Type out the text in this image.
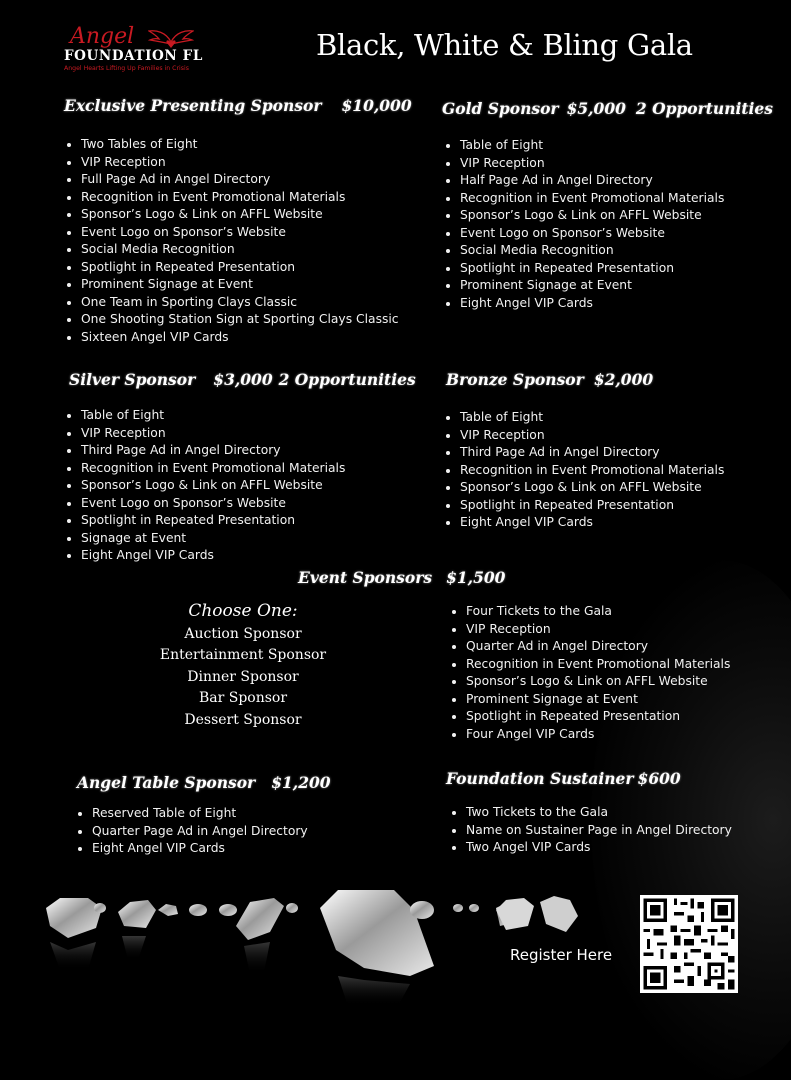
Angel
FOUNDATION FL
Angel Hearts Lifting Up Families in Crisis
Black, White & Bling Gala
Exclusive Presenting Sponsor $10,000
• Two Tables of Eight
• VIP Reception
• Full Page Ad in Angel Directory
• Recognition in Event Promotional Materials
• Sponsor’s Logo & Link on AFFL Website
• Event Logo on Sponsor’s Website
• Social Media Recognition
• Spotlight in Repeated Presentation
• Prominent Signage at Event
• One Team in Sporting Clays Classic
• One Shooting Station Sign at Sporting Clays Classic
• Sixteen Angel VIP Cards
Gold Sponsor $5,000 2 Opportunities
• Table of Eight
• VIP Reception
• Half Page Ad in Angel Directory
• Recognition in Event Promotional Materials
• Sponsor’s Logo & Link on AFFL Website
• Event Logo on Sponsor’s Website
• Social Media Recognition
• Spotlight in Repeated Presentation
• Prominent Signage at Event
• Eight Angel VIP Cards
Silver Sponsor $3,000 2 Opportunities
• Table of Eight
• VIP Reception
• Third Page Ad in Angel Directory
• Recognition in Event Promotional Materials
• Sponsor’s Logo & Link on AFFL Website
• Event Logo on Sponsor’s Website
• Spotlight in Repeated Presentation
• Signage at Event
• Eight Angel VIP Cards
Bronze Sponsor $2,000
• Table of Eight
• VIP Reception
• Third Page Ad in Angel Directory
• Recognition in Event Promotional Materials
• Sponsor’s Logo & Link on AFFL Website
• Spotlight in Repeated Presentation
• Eight Angel VIP Cards
Event Sponsors $1,500
Choose One:
Auction Sponsor
Entertainment Sponsor
Dinner Sponsor
Bar Sponsor
Dessert Sponsor
• Four Tickets to the Gala
• VIP Reception
• Quarter Ad in Angel Directory
• Recognition in Event Promotional Materials
• Sponsor’s Logo & Link on AFFL Website
• Prominent Signage at Event
• Spotlight in Repeated Presentation
• Four Angel VIP Cards
Angel Table Sponsor $1,200
• Reserved Table of Eight
• Quarter Page Ad in Angel Directory
• Eight Angel VIP Cards
Foundation Sustainer $600
• Two Tickets to the Gala
• Name on Sustainer Page in Angel Directory
• Two Angel VIP Cards
Register Here
